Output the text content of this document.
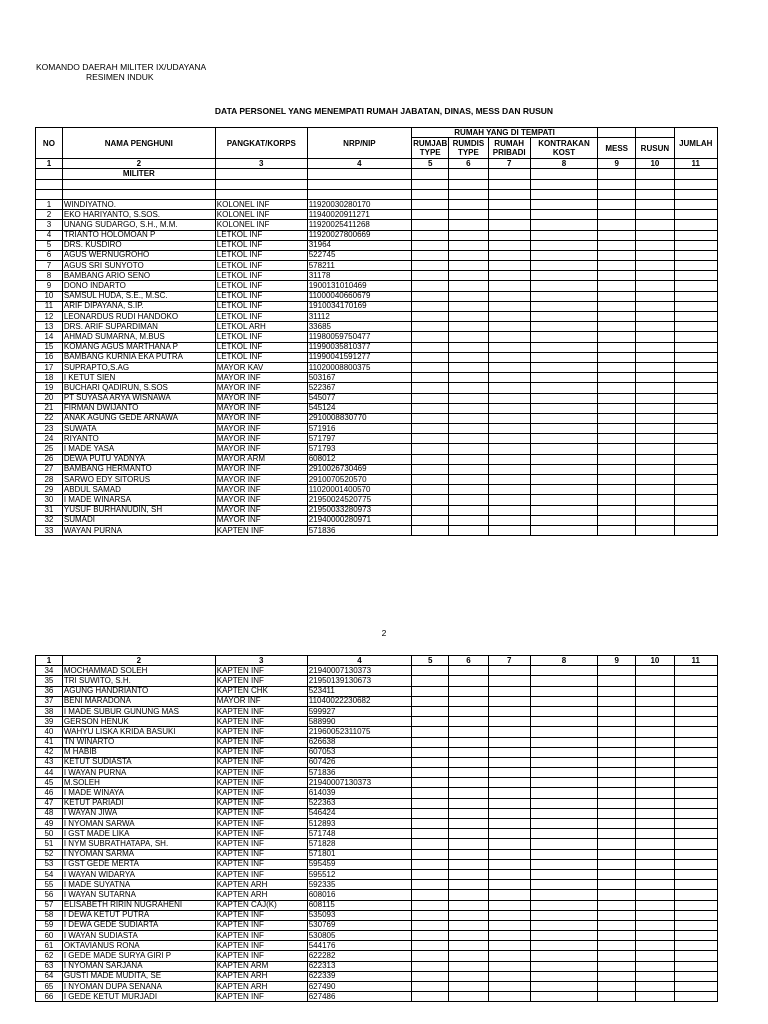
KOMANDO DAERAH MILITER IX/UDAYANA
RESIMEN INDUK
DATA PERSONEL YANG MENEMPATI RUMAH JABATAN, DINAS, MESS DAN RUSUN
NO	NAMA PENGHUNI	PANGKAT/KORPS	NRP/NIP	RUMAH YANG DI TEMPATI						JUMLAH
				RUMJAB TYPE	RUMDIS TYPE	RUMAH PRIBADI	KONTRAKAN KOST	MESS	RUSUN	
1	2	3	4	5	6	7	8	9	10	11
	MILITER									

1	WINDIYATNO.	KOLONEL INF	11920030280170							
2	EKO HARIYANTO, S.SOS.	KOLONEL INF	11940020911271							
3	UNANG SUDARGO, S.H., M.M.	KOLONEL INF	11920025411268							
4	TRIANTO HOLOMOAN P	LETKOL INF	11920027800669							
5	DRS. KUSDIRO	LETKOL INF	31964							
6	AGUS WERNUGROHO	LETKOL INF	522745							
7	AGUS SRI SUNYOTO	LETKOL INF	578211							
8	BAMBANG ARIO SENO	LETKOL INF	31178							
9	DONO INDARTO	LETKOL INF	1900131010469							
10	SAMSUL HUDA, S.E., M.SC.	LETKOL INF	11000040660679							
11	ARIF DIPAYANA, S.IP.	LETKOL INF	1910034170169							
12	LEONARDUS RUDI HANDOKO	LETKOL INF	31112							
13	DRS. ARIF SUPARDIMAN	LETKOL ARH	33685							
14	AHMAD SUMARNA, M.BUS	LETKOL INF	11980059750477							
15	KOMANG AGUS MARTHANA P	LETKOL INF	11990035810377							
16	BAMBANG KURNIA EKA PUTRA	LETKOL INF	11990041591277							
17	SUPRAPTO,S.AG	MAYOR KAV	11020008800375							
18	I KETUT SIEN	MAYOR INF	503167							
19	BUCHARI QADIRUN, S.SOS	MAYOR INF	522367							
20	PT SUYASA ARYA WISNAWA	MAYOR INF	545077							
21	FIRMAN DWIJANTO	MAYOR INF	545124							
22	ANAK AGUNG GEDE ARNAWA	MAYOR INF	2910008830770							
23	SUWATA	MAYOR INF	571916							
24	RIYANTO	MAYOR INF	571797							
25	I MADE YASA	MAYOR INF	571793							
26	DEWA PUTU YADNYA	MAYOR ARM	608012							
27	BAMBANG HERMANTO	MAYOR INF	2910026730469							
28	SARWO EDY SITORUS	MAYOR INF	2910070520570							
29	ABDUL SAMAD	MAYOR INF	11020001400570							
30	I MADE WINARSA	MAYOR INF	21950024520775							
31	YUSUF BURHANUDIN, SH	MAYOR INF	21950033280973							
32	SUMADI	MAYOR INF	21940000280971							
33	WAYAN PURNA	KAPTEN INF	571836							
2
1	2	3	4	5	6	7	8	9	10	11
34	MOCHAMMAD SOLEH	KAPTEN INF	21940007130373							
35	TRI SUWITO, S.H.	KAPTEN INF	21950139130673							
36	AGUNG HANDRIANTO	KAPTEN CHK	523411							
37	BENI MARADONA	MAYOR INF	11040022230682							
38	I MADE SUBUR GUNUNG MAS	KAPTEN INF	599927							
39	GERSON HENUK	KAPTEN INF	588990							
40	WAHYU LISKA KRIDA BASUKI	KAPTEN INF	21960052311075							
41	TN WINARTO	KAPTEN INF	626638							
42	M HABIB	KAPTEN INF	607053							
43	KETUT SUDIASTA	KAPTEN INF	607426							
44	I WAYAN PURNA	KAPTEN INF	571836							
45	M.SOLEH	KAPTEN INF	21940007130373							
46	I MADE WINAYA	KAPTEN INF	614039							
47	KETUT PARIADI	KAPTEN INF	522363							
48	I WAYAN JIWA	KAPTEN INF	546424							
49	I NYOMAN SARWA	KAPTEN INF	512893							
50	I GST MADE LIKA	KAPTEN INF	571748							
51	I NYM SUBRATHATAPA, SH.	KAPTEN INF	571828							
52	I NYOMAN SARMA	KAPTEN INF	571801							
53	I GST GEDE MERTA	KAPTEN INF	595459							
54	I WAYAN WIDARYA	KAPTEN INF	595512							
55	I MADE SUYATNA	KAPTEN ARH	592335							
56	I WAYAN SUTARNA	KAPTEN ARH	608016							
57	ELISABETH RIRIN NUGRAHENI	KAPTEN CAJ(K)	608115							
58	I DEWA KETUT PUTRA	KAPTEN INF	535093							
59	I DEWA GEDE SUDIARTA	KAPTEN INF	530769							
60	I WAYAN SUDIASTA	KAPTEN INF	530805							
61	OKTAVIANUS RONA	KAPTEN INF	544176							
62	I GEDE MADE SURYA GIRI P	KAPTEN INF	622282							
63	I NYOMAN SARJANA	KAPTEN ARM	622313							
64	GUSTI MADE MUDITA, SE	KAPTEN ARH	622339							
65	I NYOMAN DUPA SENANA	KAPTEN ARH	627490							
66	I GEDE KETUT MURJADI	KAPTEN INF	627486							
